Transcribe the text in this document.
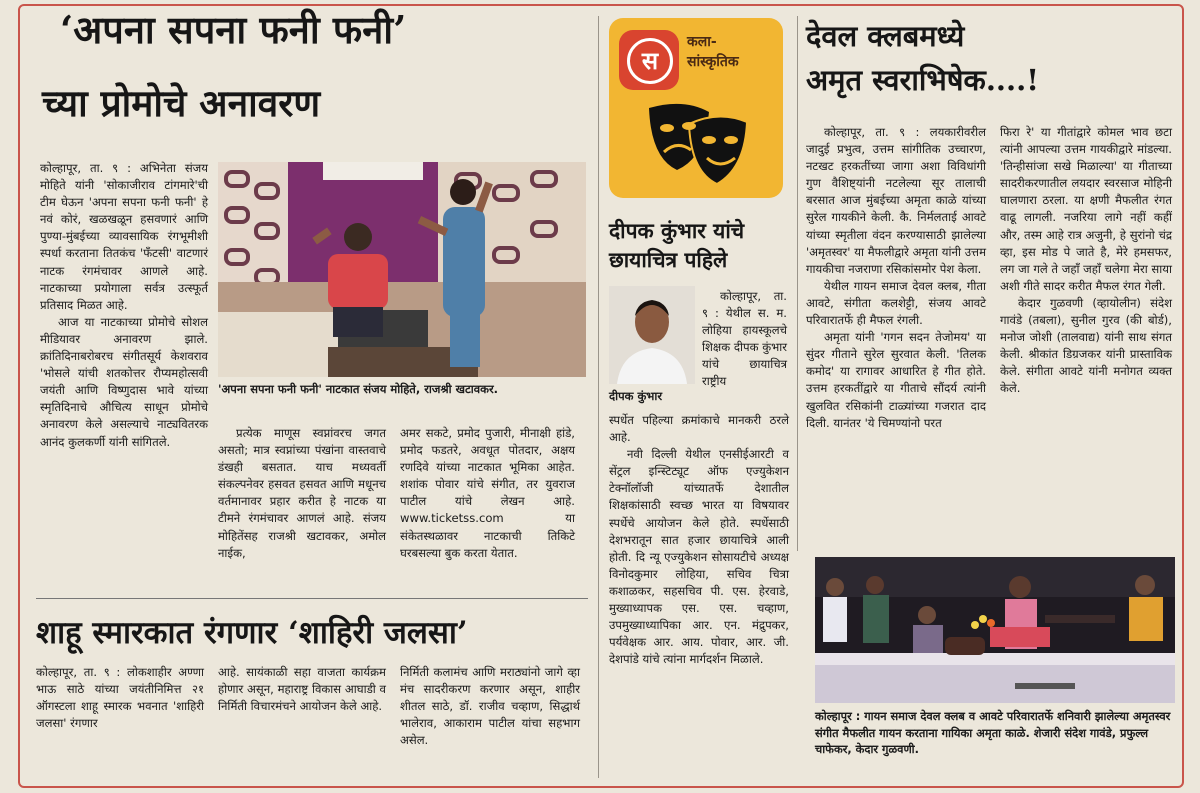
‘अपना सपना फनी फनी’
च्या प्रोमोचे अनावरण

कोल्हापूर, ता. ९ : अभिनेता संजय मोहिते यांनी 'सोकाजीराव टांगमारे'ची टीम घेऊन 'अपना सपना फनी फनी' हे नवं कोरं, खळखळून हसवणारं आणि पुण्या-मुंबईच्या व्यावसायिक रंगभूमीशी स्पर्धा करताना तितकंच 'फँटसी' वाटणारं नाटक रंगमंचावर आणले आहे. नाटकाच्या प्रयोगाला सर्वत्र उत्स्फूर्त प्रतिसाद मिळत आहे.

आज या नाटकाच्या प्रोमोचे सोशल मीडियावर अनावरण झाले. क्रांतिदिनाबरोबरच संगीतसूर्य केशवराव 'भोसले यांची शतकोत्तर रौप्यमहोत्सवी जयंती आणि विष्णुदास भावे यांच्या स्मृतिदिनाचे औचित्य साधून प्रोमोचे अनावरण केले असल्याचे नाट्यवितरक आनंद कुलकर्णी यांनी सांगितले.

'अपना सपना फनी फनी' नाटकात संजय मोहिते, राजश्री खटावकर.

प्रत्येक माणूस स्वप्नांवरच जगत असतो; मात्र स्वप्नांच्या पंखांना वास्तवाचे डंखही बसतात. याच मध्यवर्ती संकल्पनेवर हसवत हसवत आणि मधूनच वर्तमानावर प्रहार करीत हे नाटक या टीमने रंगमंचावर आणलं आहे. संजय मोहितेंसह राजश्री खटावकर, अमोल नाईक,

अमर सकटे, प्रमोद पुजारी, मीनाक्षी हांडे, प्रमोद फडतरे, अवधूत पोतदार, अक्षय रणदिवे यांच्या नाटकात भूमिका आहेत. शशांक पोवार यांचे संगीत, तर युवराज पाटील यांचे लेखन आहे. www.ticketss.com या संकेतस्थळावर नाटकाची तिकिटे घरबसल्या बुक करता येतात.

शाहू स्मारकात रंगणार ‘शाहिरी जलसा’

कोल्हापूर, ता. ९ : लोकशाहीर अण्णा भाऊ साठे यांच्या जयंतीनिमित्त २१ ऑगस्टला शाहू स्मारक भवनात 'शाहिरी जलसा' रंगणार

आहे. सायंकाळी सहा वाजता कार्यक्रम होणार असून, महाराष्ट्र विकास आघाडी व निर्मिती विचारमंचने आयोजन केले आहे.

निर्मिती कलामंच आणि मराठ्यांनो जागे व्हा मंच सादरीकरण करणार असून, शाहीर शीतल साठे, डॉ. राजीव चव्हाण, सिद्धार्थ भालेराव, आकाराम पाटील यांचा सहभाग असेल.

स
कला-
सांस्कृतिक
दीपक कुंभार यांचे
छायाचित्र पहिले
दीपक कुंभार

कोल्हापूर, ता. ९ : येथील स. म. लोहिया हायस्कूलचे शिक्षक दीपक कुंभार यांचे छायाचित्र राष्ट्रीय

स्पर्धेत पहिल्या क्रमांकाचे मानकरी ठरले आहे.

नवी दिल्ली येथील एनसीईआरटी व सेंट्रल इन्स्टिट्यूट ऑफ एज्युकेशन टेक्नॉलॉजी यांच्यातर्फे देशातील शिक्षकांसाठी स्वच्छ भारत या विषयावर स्पर्धेचे आयोजन केले होते. स्पर्धेसाठी देशभरातून सात हजार छायाचित्रे आली होती. दि न्यू एज्युकेशन सोसायटीचे अध्यक्ष विनोदकुमार लोहिया, सचिव चित्रा कशाळकर, सहसचिव पी. एस. हेरवाडे, मुख्याध्यापक एस. एस. चव्हाण, उपमुख्याध्यापिका आर. एन. मंद्रुपकर, पर्यवेक्षक आर. आय. पोवार, आर. जी. देशपांडे यांचे त्यांना मार्गदर्शन मिळाले.

देवल क्लबमध्ये
अमृत स्वराभिषेक....!

कोल्हापूर, ता. ९ : लयकारीवरील जादुई प्रभुत्व, उत्तम सांगीतिक उच्चारण, नटखट हरकतींच्या जागा अशा विविधांगी गुण वैशिष्ट्यांनी नटलेल्या सूर तालाची बरसात आज मुंबईच्या अमृता काळे यांच्या सुरेल गायकीने केली. कै. निर्मलताई आवटे यांच्या स्मृतीला वंदन करण्यासाठी झालेल्या 'अमृतस्वर' या मैफलीद्वारे अमृता यांनी उत्तम गायकीचा नजराणा रसिकांसमोर पेश केला.

येथील गायन समाज देवल क्लब, गीता आवटे, संगीता कलशेट्टी, संजय आवटे परिवारातर्फे ही मैफल रंगली.

अमृता यांनी 'गगन सदन तेजोमय' या सुंदर गीताने सुरेल सुरवात केली. 'तिलक कमोद' या रागावर आधारित हे गीत होते. उत्तम हरकतींद्वारे या गीताचे सौंदर्य त्यांनी खुलवित रसिकांनी टाळ्यांच्या गजरात दाद दिली. यानंतर 'ये चिमण्यांनो परत

फिरा रे' या गीतांद्वारे कोमल भाव छटा त्यांनी आपल्या उत्तम गायकीद्वारे मांडल्या. 'तिन्हीसांजा सखे मिळाल्या' या गीताच्या सादरीकरणातील लयदार स्वरसाज मोहिनी घालणारा ठरला. या क्षणी मैफलीत रंगत वाढू लागली. नजरिया लागे नहीं कहीं और, तस्म आहे रात्र अजुनी, हे सुरांनो चंद्र व्हा, इस मोड पे जाते है, मेरे हमसफर, लग जा गले ते जहाँ जहाँ चलेगा मेरा साया अशी गीते सादर करीत मैफल रंगत गेली.

केदार गुळवणी (व्हायोलीन) संदेश गावंडे (तबला), सुनील गुरव (की बोर्ड), मनोज जोशी (तालवाद्य) यांनी साथ संगत केली. श्रीकांत डिग्रजकर यांनी प्रास्ताविक केले. संगीता आवटे यांनी मनोगत व्यक्त केले.

कोल्हापूर : गायन समाज देवल क्लब व आवटे परिवारातर्फे शनिवारी झालेल्या अमृतस्वर संगीत मैफलीत गायन करताना गायिका अमृता काळे. शेजारी संदेश गावंडे, प्रफुल्ल चाफेकर, केदार गुळवणी.
